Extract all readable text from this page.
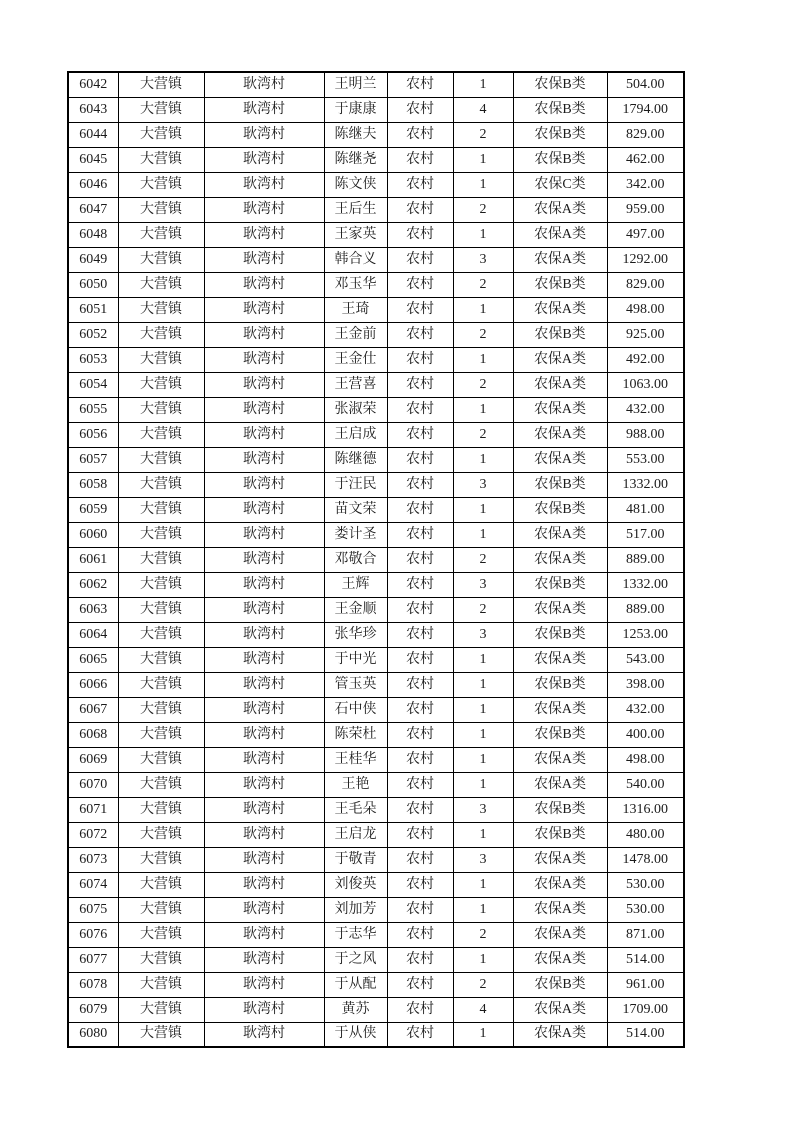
6042	大营镇	耿湾村	王明兰	农村	1	农保B类	504.00
6043	大营镇	耿湾村	于康康	农村	4	农保B类	1794.00
6044	大营镇	耿湾村	陈继夫	农村	2	农保B类	829.00
6045	大营镇	耿湾村	陈继尧	农村	1	农保B类	462.00
6046	大营镇	耿湾村	陈文侠	农村	1	农保C类	342.00
6047	大营镇	耿湾村	王后生	农村	2	农保A类	959.00
6048	大营镇	耿湾村	王家英	农村	1	农保A类	497.00
6049	大营镇	耿湾村	韩合义	农村	3	农保A类	1292.00
6050	大营镇	耿湾村	邓玉华	农村	2	农保B类	829.00
6051	大营镇	耿湾村	王琦	农村	1	农保A类	498.00
6052	大营镇	耿湾村	王金前	农村	2	农保B类	925.00
6053	大营镇	耿湾村	王金仕	农村	1	农保A类	492.00
6054	大营镇	耿湾村	王营喜	农村	2	农保A类	1063.00
6055	大营镇	耿湾村	张淑荣	农村	1	农保A类	432.00
6056	大营镇	耿湾村	王启成	农村	2	农保A类	988.00
6057	大营镇	耿湾村	陈继德	农村	1	农保A类	553.00
6058	大营镇	耿湾村	于汪民	农村	3	农保B类	1332.00
6059	大营镇	耿湾村	苗文荣	农村	1	农保B类	481.00
6060	大营镇	耿湾村	娄计圣	农村	1	农保A类	517.00
6061	大营镇	耿湾村	邓敬合	农村	2	农保A类	889.00
6062	大营镇	耿湾村	王辉	农村	3	农保B类	1332.00
6063	大营镇	耿湾村	王金顺	农村	2	农保A类	889.00
6064	大营镇	耿湾村	张华珍	农村	3	农保B类	1253.00
6065	大营镇	耿湾村	于中光	农村	1	农保A类	543.00
6066	大营镇	耿湾村	管玉英	农村	1	农保B类	398.00
6067	大营镇	耿湾村	石中侠	农村	1	农保A类	432.00
6068	大营镇	耿湾村	陈荣杜	农村	1	农保B类	400.00
6069	大营镇	耿湾村	王桂华	农村	1	农保A类	498.00
6070	大营镇	耿湾村	王艳	农村	1	农保A类	540.00
6071	大营镇	耿湾村	王毛朵	农村	3	农保B类	1316.00
6072	大营镇	耿湾村	王启龙	农村	1	农保B类	480.00
6073	大营镇	耿湾村	于敬青	农村	3	农保A类	1478.00
6074	大营镇	耿湾村	刘俊英	农村	1	农保A类	530.00
6075	大营镇	耿湾村	刘加芳	农村	1	农保A类	530.00
6076	大营镇	耿湾村	于志华	农村	2	农保A类	871.00
6077	大营镇	耿湾村	于之风	农村	1	农保A类	514.00
6078	大营镇	耿湾村	于从配	农村	2	农保B类	961.00
6079	大营镇	耿湾村	黄苏	农村	4	农保A类	1709.00
6080	大营镇	耿湾村	于从侠	农村	1	农保A类	514.00
